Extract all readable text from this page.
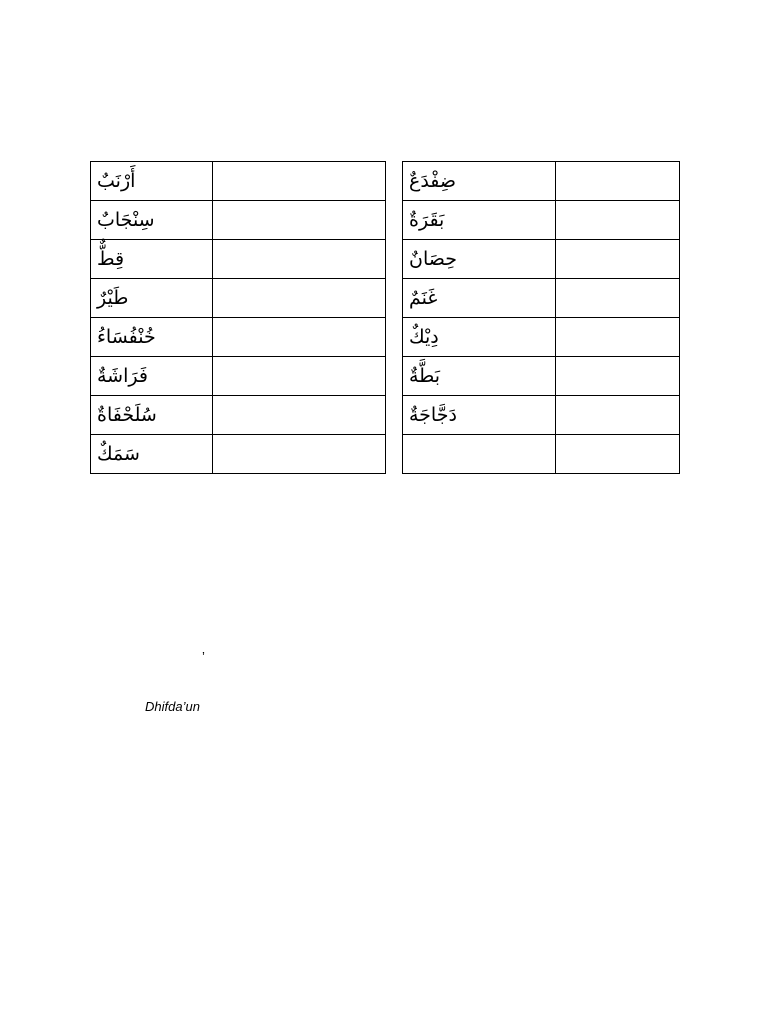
أَرْنَبٌ	

سِنْجَابٌ	

قِطٌّ	

طَيْرٌ	

خُنْفُسَاءُ	

فَرَاشَةٌ	

سُلَحْفَاةٌ	

سَمَكٌ	

ضِفْدَعٌ	

بَقَرَةٌ	

حِصَانٌ	

غَنَمٌ	

دِيْكٌ	

بَطَّةٌ	

دَجَّاجَةٌ	

’
Dhifda’un
